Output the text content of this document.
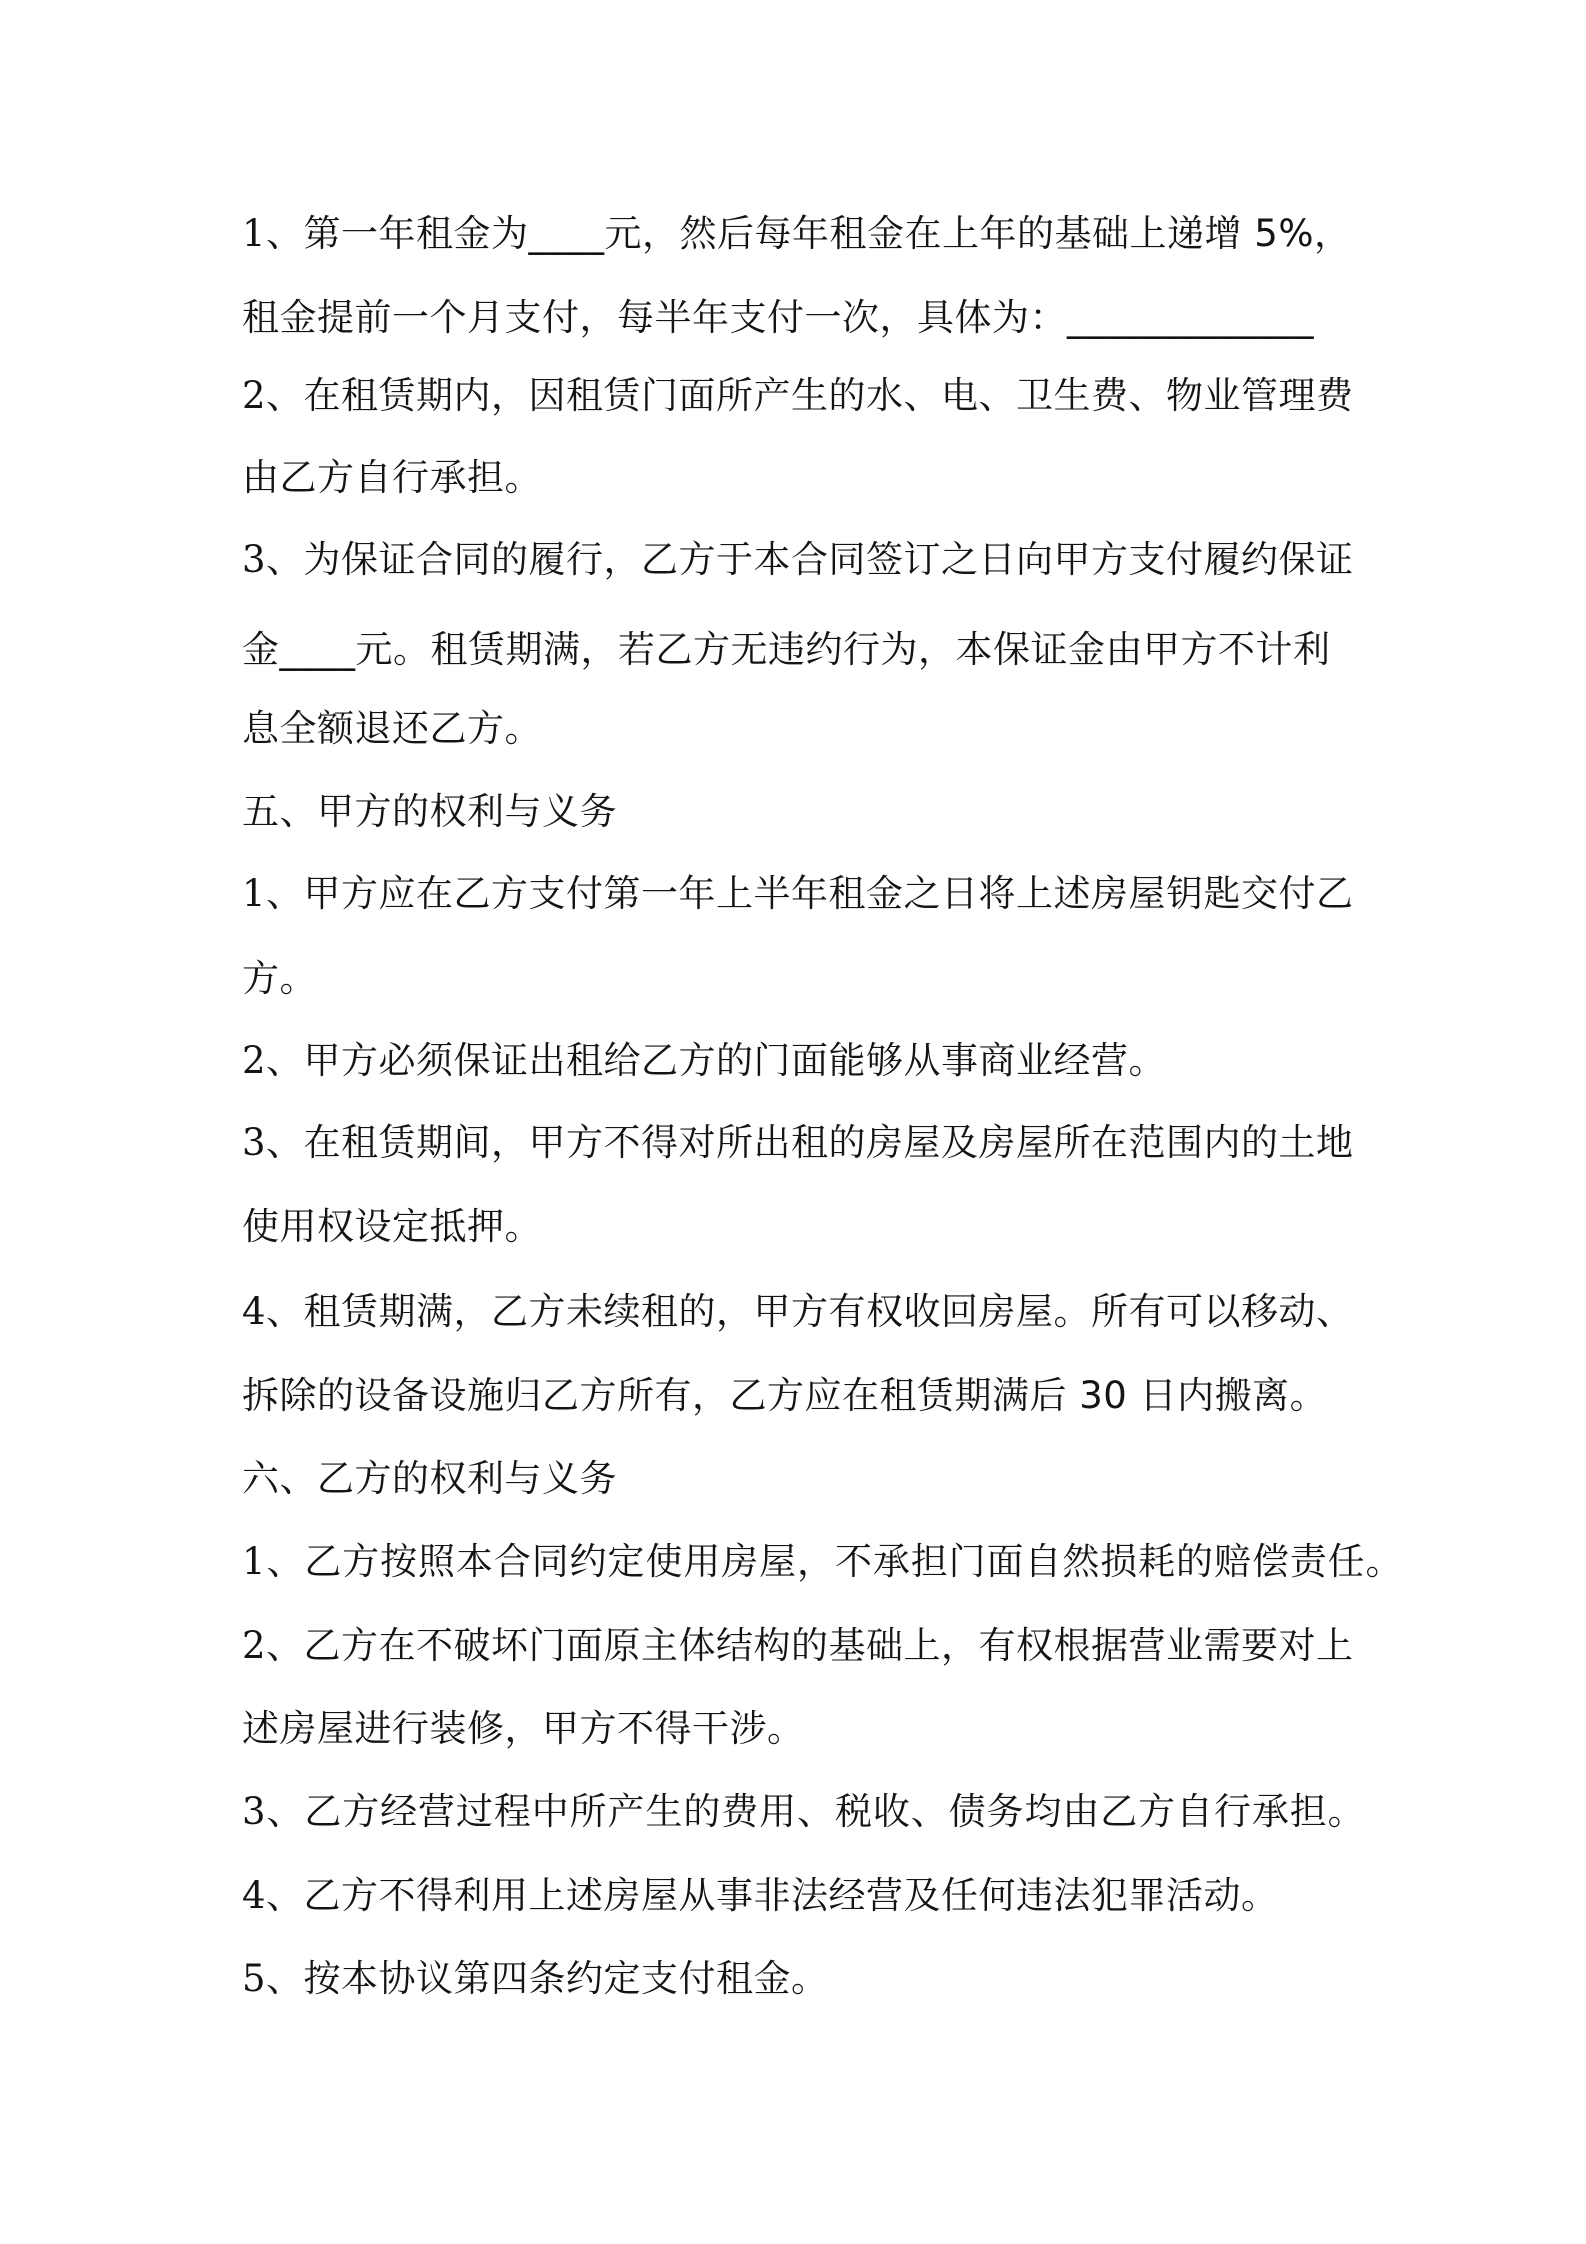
1、第一年租金为____元，然后每年租金在上年的基础上递增 5%，
租金提前一个月支付，每半年支付一次，具体为：_____________
2、在租赁期内，因租赁门面所产生的水、电、卫生费、物业管理费
由乙方自行承担。
3、为保证合同的履行，乙方于本合同签订之日向甲方支付履约保证
金____元。租赁期满，若乙方无违约行为，本保证金由甲方不计利
息全额退还乙方。
五、甲方的权利与义务
1、甲方应在乙方支付第一年上半年租金之日将上述房屋钥匙交付乙
方。
2、甲方必须保证出租给乙方的门面能够从事商业经营。
3、在租赁期间，甲方不得对所出租的房屋及房屋所在范围内的土地
使用权设定抵押。
4、租赁期满，乙方未续租的，甲方有权收回房屋。所有可以移动、
拆除的设备设施归乙方所有，乙方应在租赁期满后 30 日内搬离。
六、乙方的权利与义务
1、乙方按照本合同约定使用房屋，不承担门面自然损耗的赔偿责任。
2、乙方在不破坏门面原主体结构的基础上，有权根据营业需要对上
述房屋进行装修，甲方不得干涉。
3、乙方经营过程中所产生的费用、税收、债务均由乙方自行承担。
4、乙方不得利用上述房屋从事非法经营及任何违法犯罪活动。
5、按本协议第四条约定支付租金。
